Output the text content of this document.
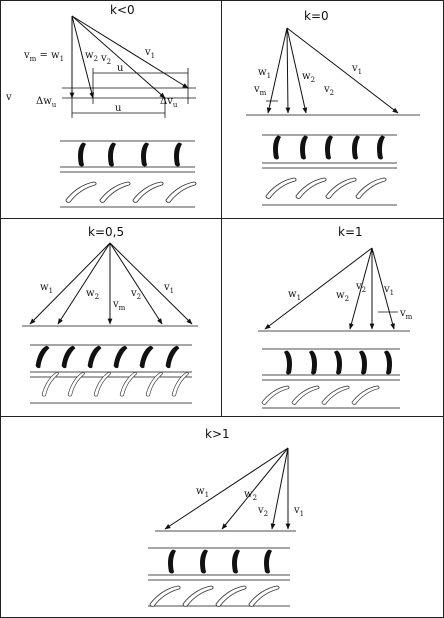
k<0
$v_m = w_1$ $w_2$ $v_2$
$v_1$
u
v $\Delta w_u$	$\Delta v_u$
u
k=0
$w_1$
$v_m$
$w_2$
$v_2$
$v_1$
k=0,5
$w_1$	$w_2$
$v_m$
$v_2$
$v_1$
k=1
$w_1$	$w_2$
$v_2$ $v_1$
$v_m$
k>1
$w_1$	$w_2$
$v_2$	$v_1$
